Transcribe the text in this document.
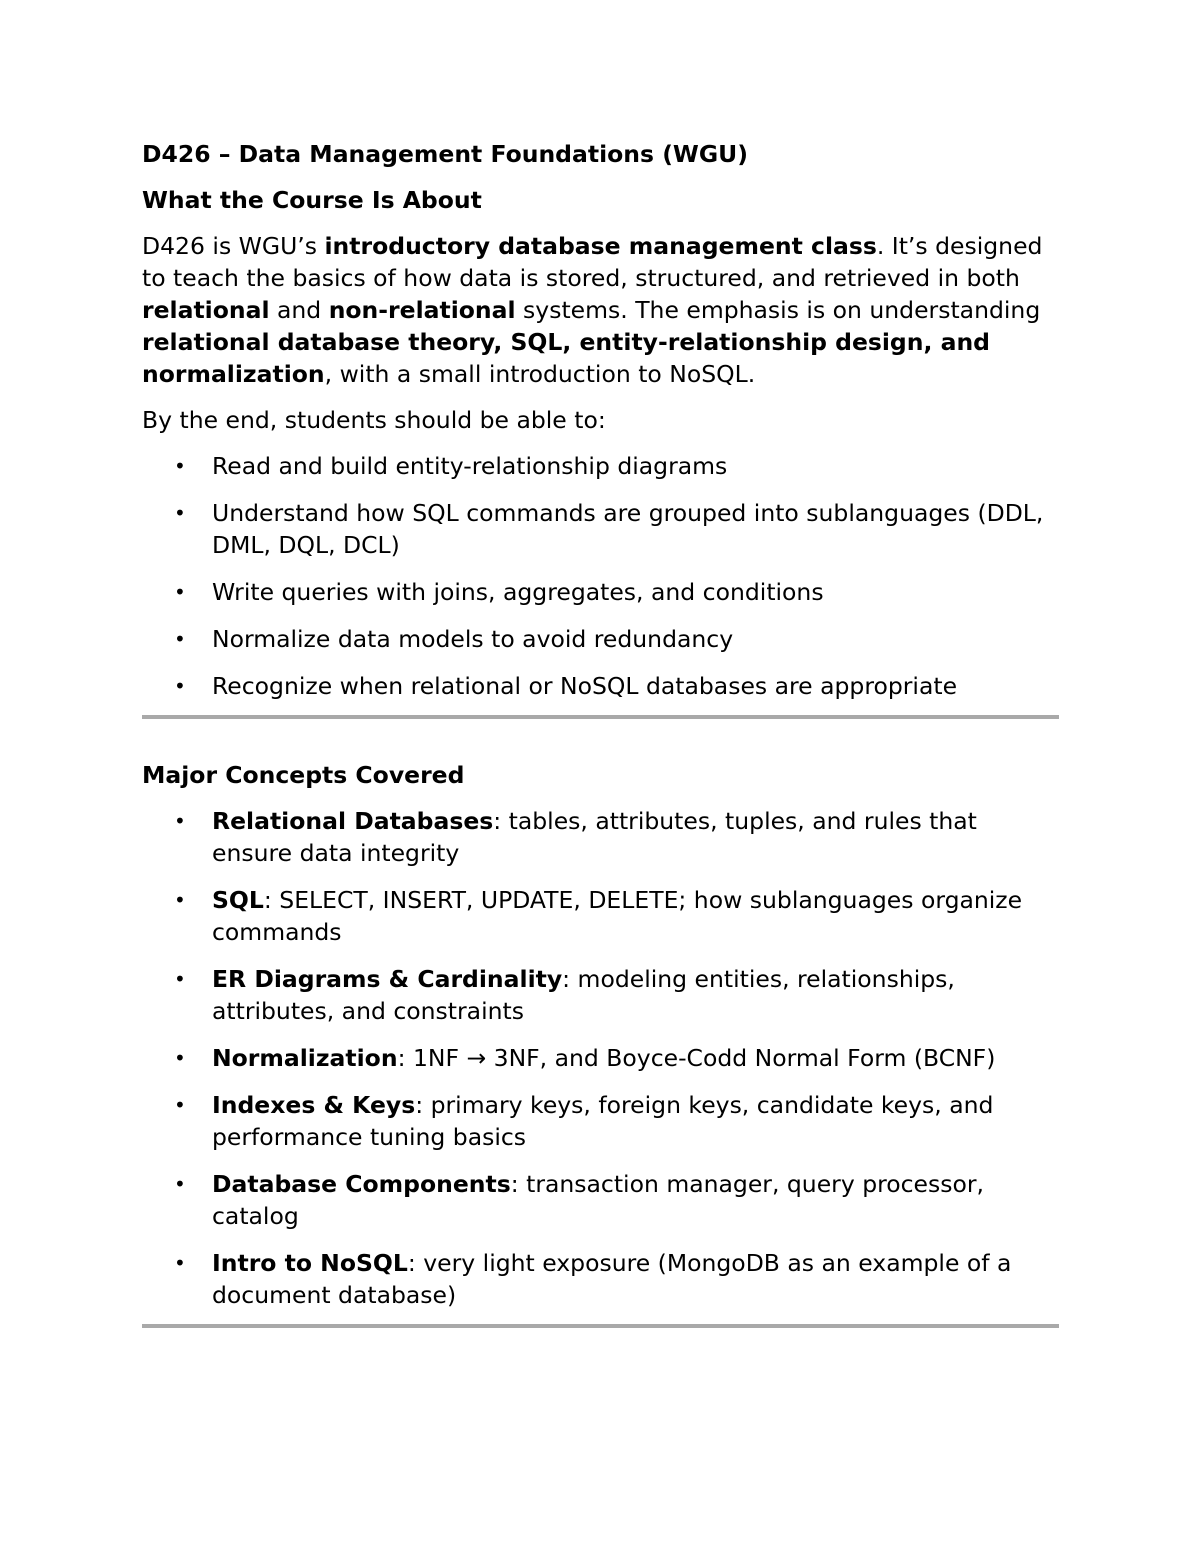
D426 – Data Management Foundations (WGU)
What the Course Is About
D426 is WGU’s introductory database management class. It’s designed to teach the basics of how data is stored, structured, and retrieved in both relational and non-relational systems. The emphasis is on understanding relational database theory, SQL, entity-relationship design, and normalization, with a small introduction to NoSQL.
By the end, students should be able to:
• Read and build entity-relationship diagrams
• Understand how SQL commands are grouped into sublanguages (DDL, DML, DQL, DCL)
• Write queries with joins, aggregates, and conditions
• Normalize data models to avoid redundancy
• Recognize when relational or NoSQL databases are appropriate
Major Concepts Covered
• Relational Databases: tables, attributes, tuples, and rules that ensure data integrity
• SQL: SELECT, INSERT, UPDATE, DELETE; how sublanguages organize commands
• ER Diagrams & Cardinality: modeling entities, relationships, attributes, and constraints
• Normalization: 1NF → 3NF, and Boyce-Codd Normal Form (BCNF)
• Indexes & Keys: primary keys, foreign keys, candidate keys, and performance tuning basics
• Database Components: transaction manager, query processor, catalog
• Intro to NoSQL: very light exposure (MongoDB as an example of a document database)
